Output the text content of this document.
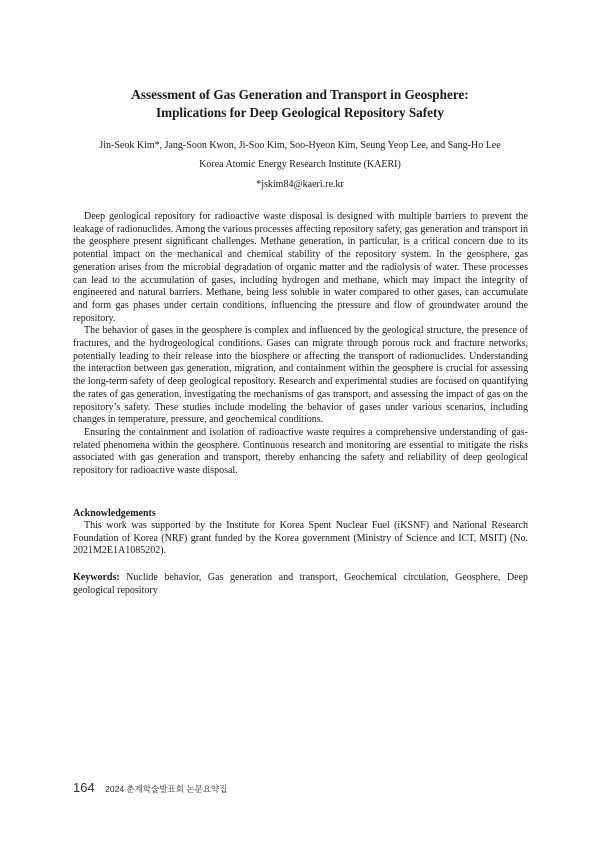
Assessment of Gas Generation and Transport in Geosphere:
Implications for Deep Geological Repository Safety
Jin-Seok Kim*, Jang-Soon Kwon, Ji-Soo Kim, Soo-Hyeon Kim, Seung Yeop Lee, and Sang-Ho Lee
Korea Atomic Energy Research Institute (KAERI)
*jskim84@kaeri.re.kr

Deep geological repository for radioactive waste disposal is designed with multiple barriers to prevent the leakage of radionuclides. Among the various processes affecting repository safety, gas generation and transport in the geosphere present significant challenges. Methane generation, in particular, is a critical concern due to its potential impact on the mechanical and chemical stability of the repository system. In the geosphere, gas generation arises from the microbial degradation of organic matter and the radiolysis of water. These processes can lead to the accumulation of gases, including hydrogen and methane, which may impact the integrity of engineered and natural barriers. Methane, being less soluble in water compared to other gases, can accumulate and form gas phases under certain conditions, influencing the pressure and flow of groundwater around the repository.

The behavior of gases in the geosphere is complex and influenced by the geological structure, the presence of fractures, and the hydrogeological conditions. Gases can migrate through porous rock and fracture networks, potentially leading to their release into the biosphere or affecting the transport of radionuclides. Understanding the interaction between gas generation, migration, and containment within the geosphere is crucial for assessing the long-term safety of deep geological repository. Research and experimental studies are focused on quantifying the rates of gas generation, investigating the mechanisms of gas transport, and assessing the impact of gas on the repository’s safety. These studies include modeling the behavior of gases under various scenarios, including changes in temperature, pressure, and geochemical conditions.

Ensuring the containment and isolation of radioactive waste requires a comprehensive understanding of gas-related phenomena within the geosphere. Continuous research and monitoring are essential to mitigate the risks associated with gas generation and transport, thereby enhancing the safety and reliability of deep geological repository for radioactive waste disposal.

Acknowledgements

This work was supported by the Institute for Korea Spent Nuclear Fuel (iKSNF) and National Research Foundation of Korea (NRF) grant funded by the Korea government (Ministry of Science and ICT, MSIT) (No. 2021M2E1A1085202).

Keywords: Nuclide behavior, Gas generation and transport, Geochemical circulation, Geosphere, Deep geological repository

164 2024 춘계학술발표회 논문요약집
